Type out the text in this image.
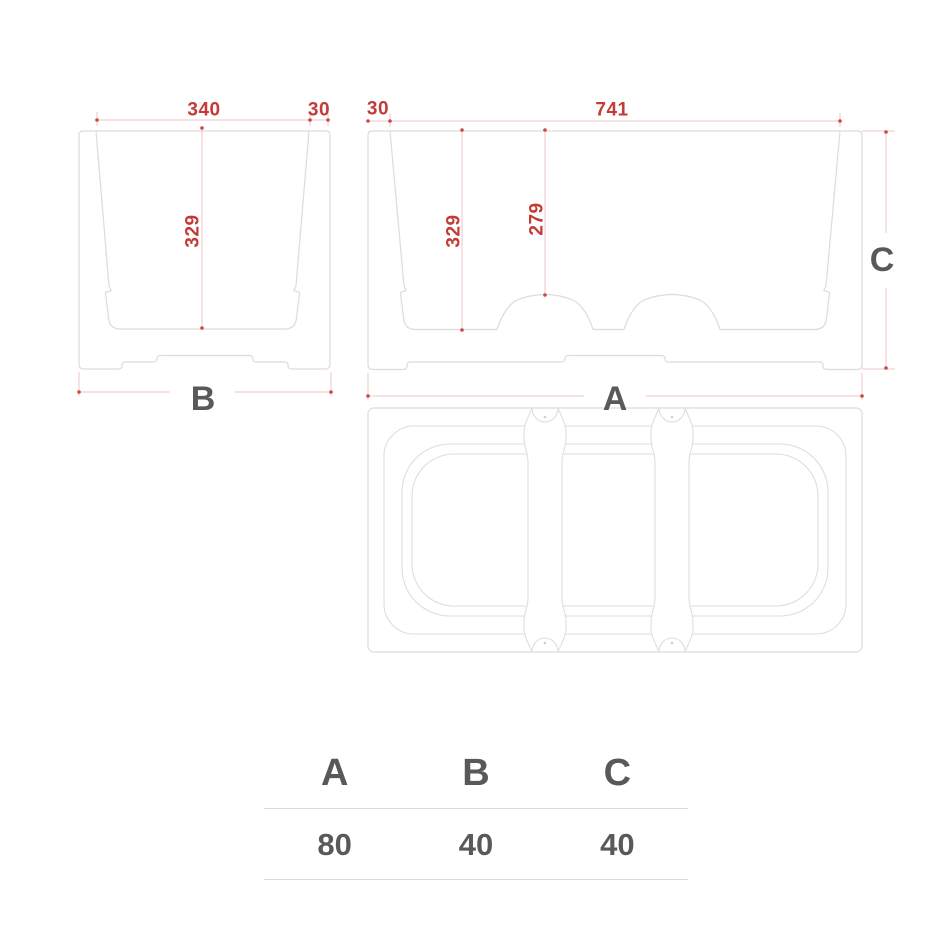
340	30
329
30	741
329	279
B	A
C
A	B	C
80	40	40
